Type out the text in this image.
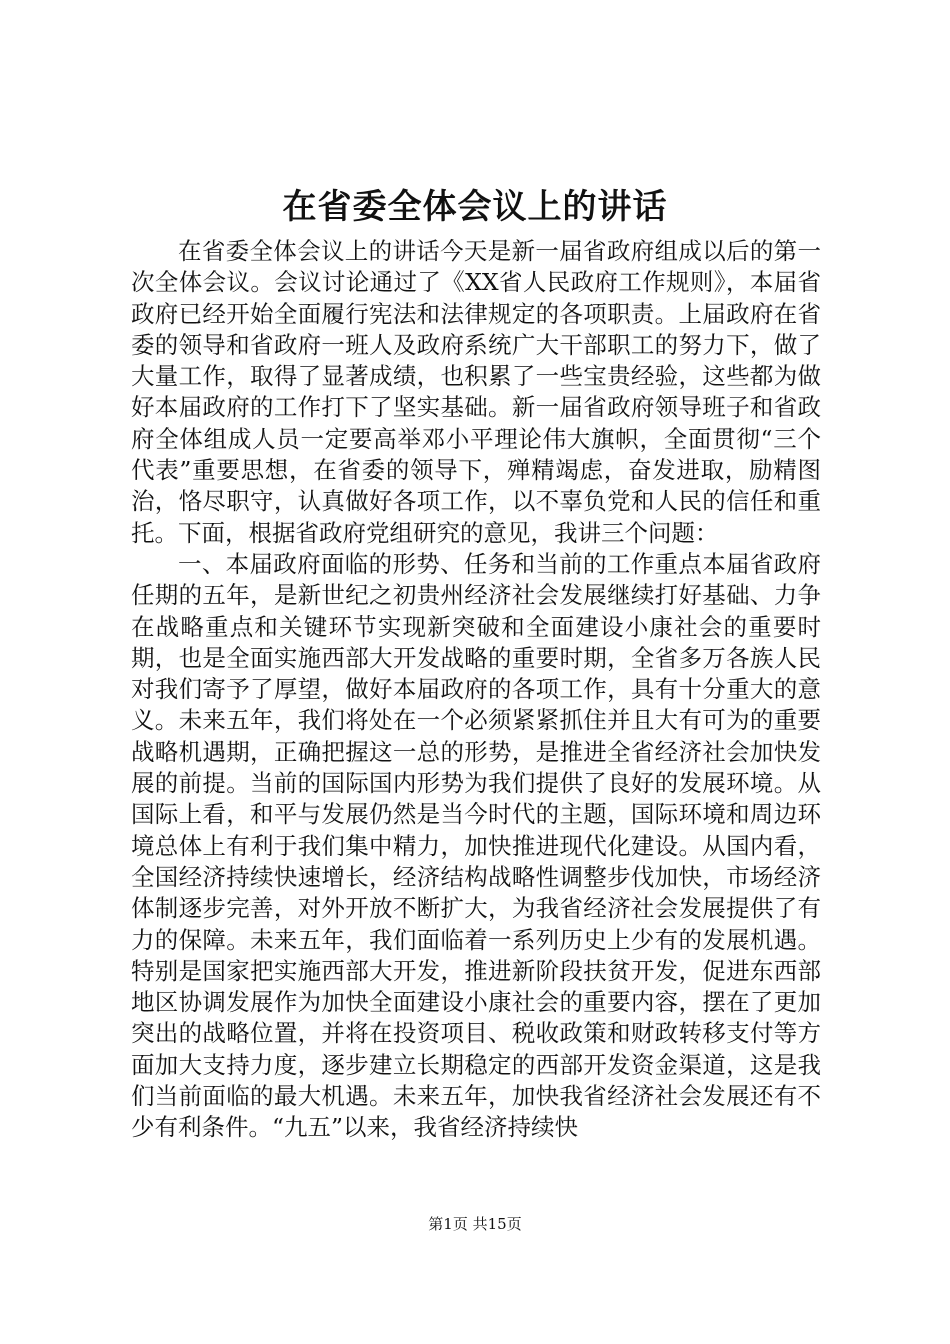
在省委全体会议上的讲话

在省委全体会议上的讲话今天是新一届省政府组成以后的第一次全体会议。会议讨论通过了《XX省人民政府工作规则》，本届省政府已经开始全面履行宪法和法律规定的各项职责。上届政府在省委的领导和省政府一班人及政府系统广大干部职工的努力下，做了大量工作，取得了显著成绩，也积累了一些宝贵经验，这些都为做好本届政府的工作打下了坚实基础。新一届省政府领导班子和省政府全体组成人员一定要高举邓小平理论伟大旗帜，全面贯彻“三个代表”重要思想，在省委的领导下，殚精竭虑，奋发进取，励精图治，恪尽职守，认真做好各项工作，以不辜负党和人民的信任和重托。下面，根据省政府党组研究的意见，我讲三个问题：

一、本届政府面临的形势、任务和当前的工作重点本届省政府任期的五年，是新世纪之初贵州经济社会发展继续打好基础、力争在战略重点和关键环节实现新突破和全面建设小康社会的重要时期，也是全面实施西部大开发战略的重要时期，全省多万各族人民对我们寄予了厚望，做好本届政府的各项工作，具有十分重大的意义。未来五年，我们将处在一个必须紧紧抓住并且大有可为的重要战略机遇期，正确把握这一总的形势，是推进全省经济社会加快发展的前提。当前的国际国内形势为我们提供了良好的发展环境。从国际上看，和平与发展仍然是当今时代的主题，国际环境和周边环境总体上有利于我们集中精力，加快推进现代化建设。从国内看，全国经济持续快速增长，经济结构战略性调整步伐加快，市场经济体制逐步完善，对外开放不断扩大，为我省经济社会发展提供了有力的保障。未来五年，我们面临着一系列历史上少有的发展机遇。特别是国家把实施西部大开发，推进新阶段扶贫开发，促进东西部地区协调发展作为加快全面建设小康社会的重要内容，摆在了更加突出的战略位置，并将在投资项目、税收政策和财政转移支付等方面加大支持力度，逐步建立长期稳定的西部开发资金渠道，这是我们当前面临的最大机遇。未来五年，加快我省经济社会发展还有不少有利条件。“九五”以来，我省经济持续快

第1页 共15页
